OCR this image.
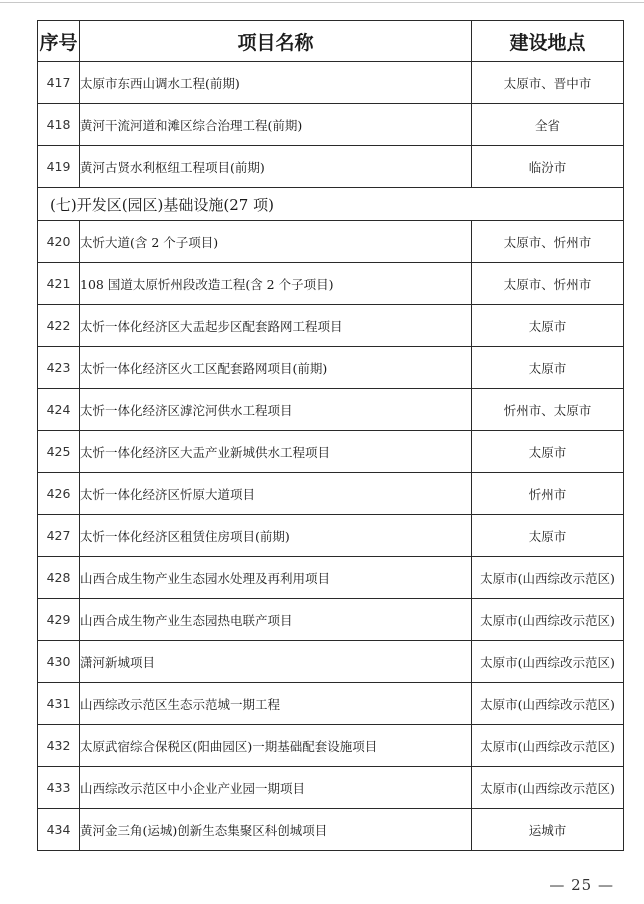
序号	项目名称	建设地点
417	太原市东西山调水工程(前期)	太原市、晋中市
418	黄河干流河道和滩区综合治理工程(前期)	全省
419	黄河古贤水利枢纽工程项目(前期)	临汾市
(七)开发区(园区)基础设施(27 项)		
420	太忻大道(含 2 个子项目)	太原市、忻州市
421	108 国道太原忻州段改造工程(含 2 个子项目)	太原市、忻州市
422	太忻一体化经济区大盂起步区配套路网工程项目	太原市
423	太忻一体化经济区火工区配套路网项目(前期)	太原市
424	太忻一体化经济区滹沱河供水工程项目	忻州市、太原市
425	太忻一体化经济区大盂产业新城供水工程项目	太原市
426	太忻一体化经济区忻原大道项目	忻州市
427	太忻一体化经济区租赁住房项目(前期)	太原市
428	山西合成生物产业生态园水处理及再利用项目	太原市(山西综改示范区)
429	山西合成生物产业生态园热电联产项目	太原市(山西综改示范区)
430	潇河新城项目	太原市(山西综改示范区)
431	山西综改示范区生态示范城一期工程	太原市(山西综改示范区)
432	太原武宿综合保税区(阳曲园区)一期基础配套设施项目	太原市(山西综改示范区)
433	山西综改示范区中小企业产业园一期项目	太原市(山西综改示范区)
434	黄河金三角(运城)创新生态集聚区科创城项目	运城市
— 25 —
